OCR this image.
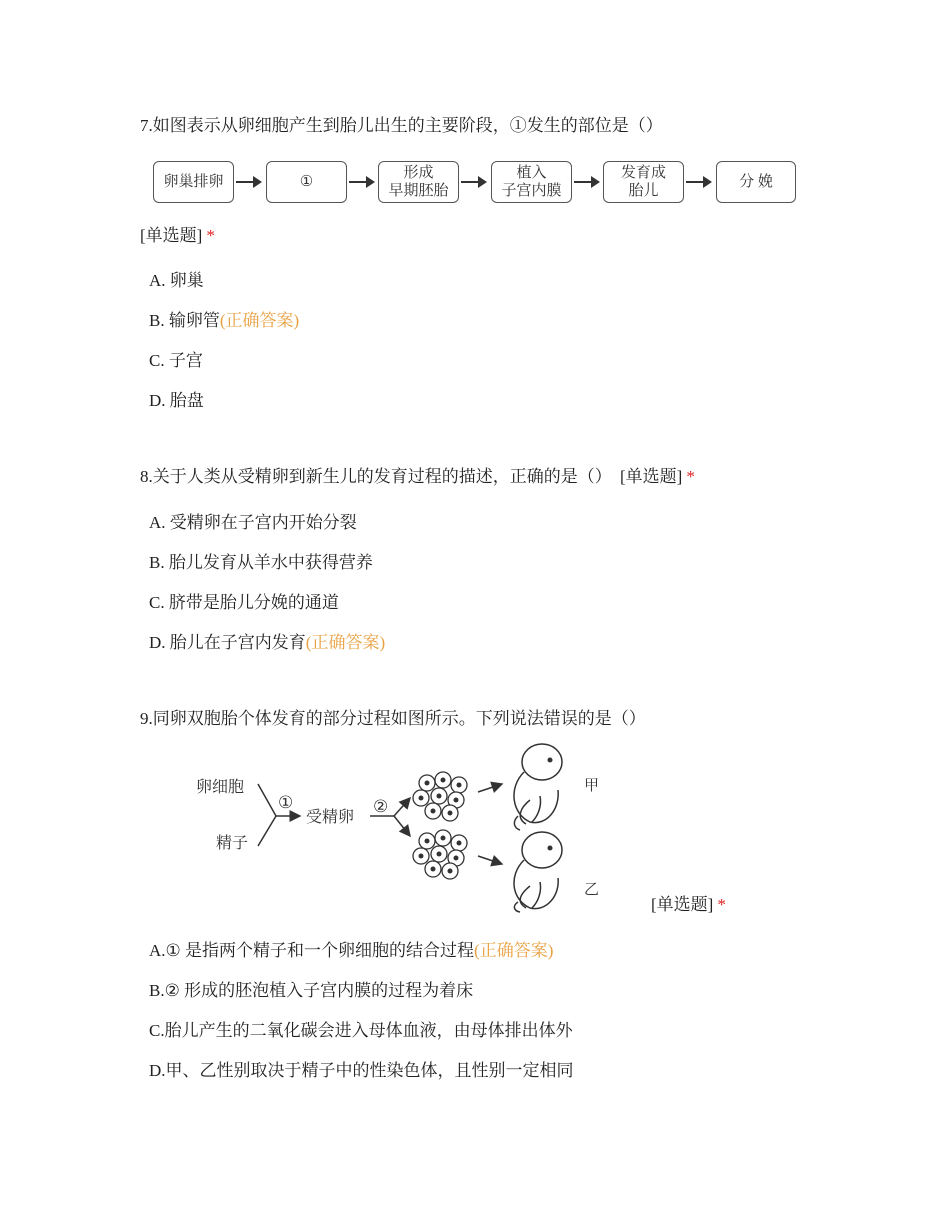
7.如图表示从卵细胞产生到胎儿出生的主要阶段，①发生的部位是（）
卵巢排卵	①
形成
早期胚胎
植入
子宫内膜
发育成
胎儿
分 娩
[单选题] *
A. 卵巢
B. 输卵管(正确答案)
C. 子宫
D. 胎盘
8.关于人类从受精卵到新生儿的发育过程的描述，正确的是（） [单选题] *
A. 受精卵在子宫内开始分裂
B. 胎儿发育从羊水中获得营养
C. 脐带是胎儿分娩的通道
D. 胎儿在子宫内发育(正确答案)
9.同卵双胞胎个体发育的部分过程如图所示。下列说法错误的是（）
卵细胞
精子
①
受精卵
②
甲
乙
[单选题] *
A.① 是指两个精子和一个卵细胞的结合过程(正确答案)
B.② 形成的胚泡植入子宫内膜的过程为着床
C.胎儿产生的二氧化碳会进入母体血液，由母体排出体外
D.甲、乙性别取决于精子中的性染色体，且性别一定相同
